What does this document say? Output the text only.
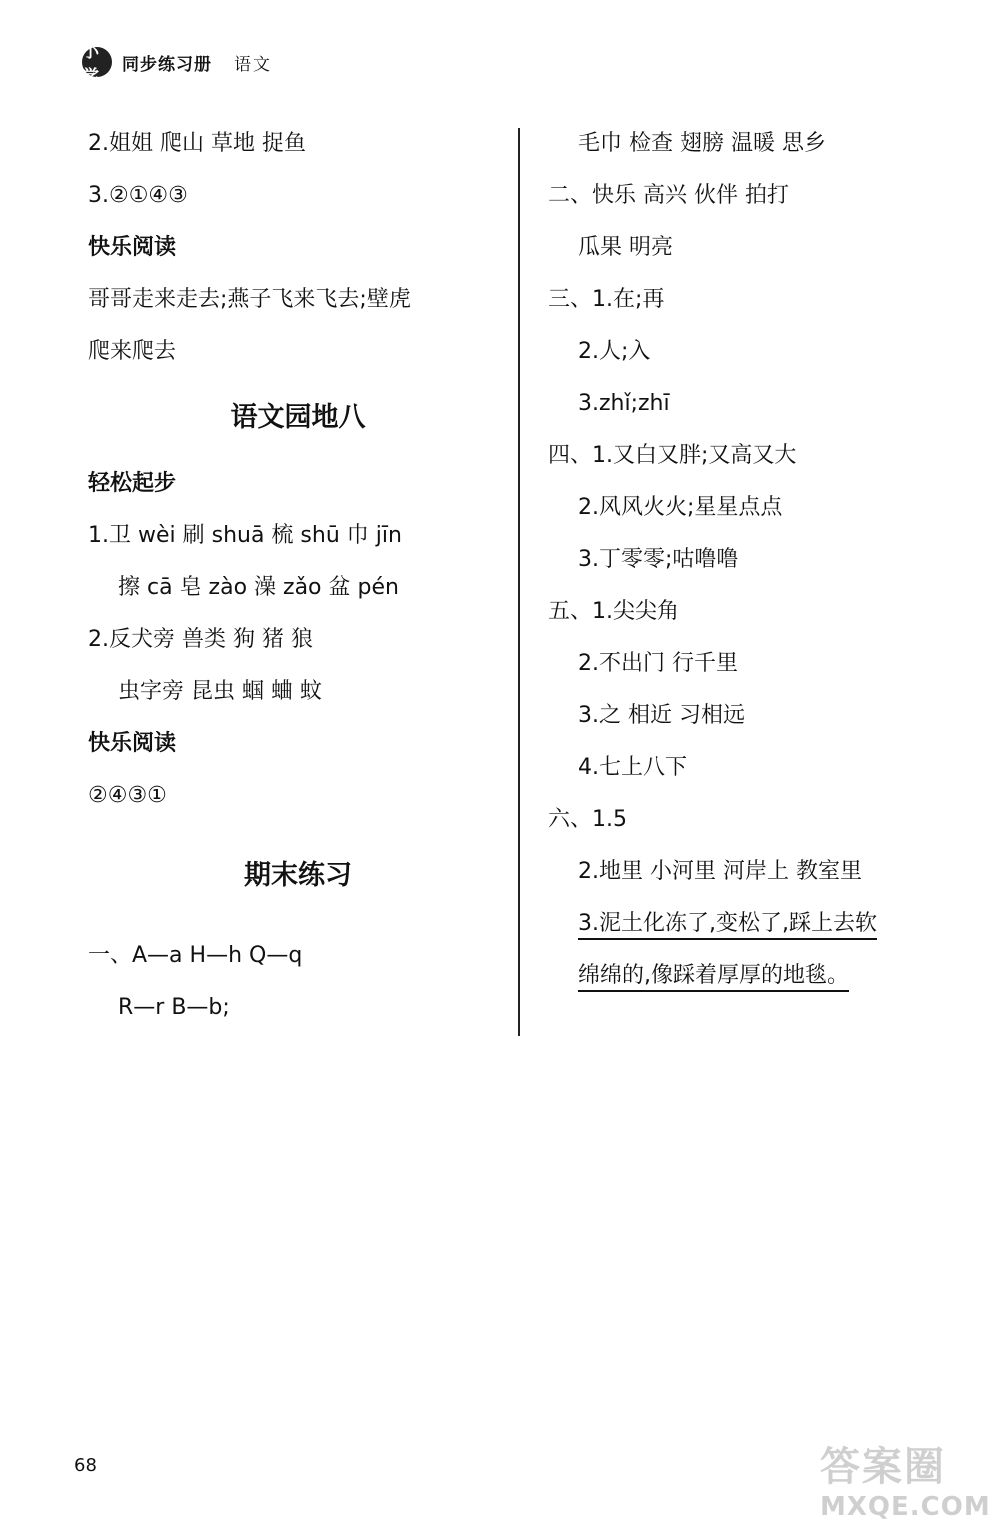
小学
同步练习册 语文
2.姐姐 爬山 草地 捉鱼
3.②①④③
快乐阅读
哥哥走来走去;燕子飞来飞去;壁虎
爬来爬去
语文园地八
轻松起步
1.卫 wèi 刷 shuā 梳 shū 巾 jīn
擦 cā 皂 zào 澡 zǎo 盆 pén
2.反犬旁 兽类 狗 猪 狼
虫字旁 昆虫 蝈 蛐 蚊
快乐阅读
②④③①
期末练习
一、A—a H—h Q—q
R—r B—b;
毛巾 检查 翅膀 温暖 思乡
二、快乐 高兴 伙伴 拍打
瓜果 明亮
三、1.在;再
2.人;入
3.zhǐ;zhī
四、1.又白又胖;又高又大
2.风风火火;星星点点
3.丁零零;咕噜噜
五、1.尖尖角
2.不出门 行千里
3.之 相近 习相远
4.七上八下
六、1.5
2.地里 小河里 河岸上 教室里
3.泥土化冻了,变松了,踩上去软
绵绵的,像踩着厚厚的地毯。
68	答案圈
MXQE.COM
